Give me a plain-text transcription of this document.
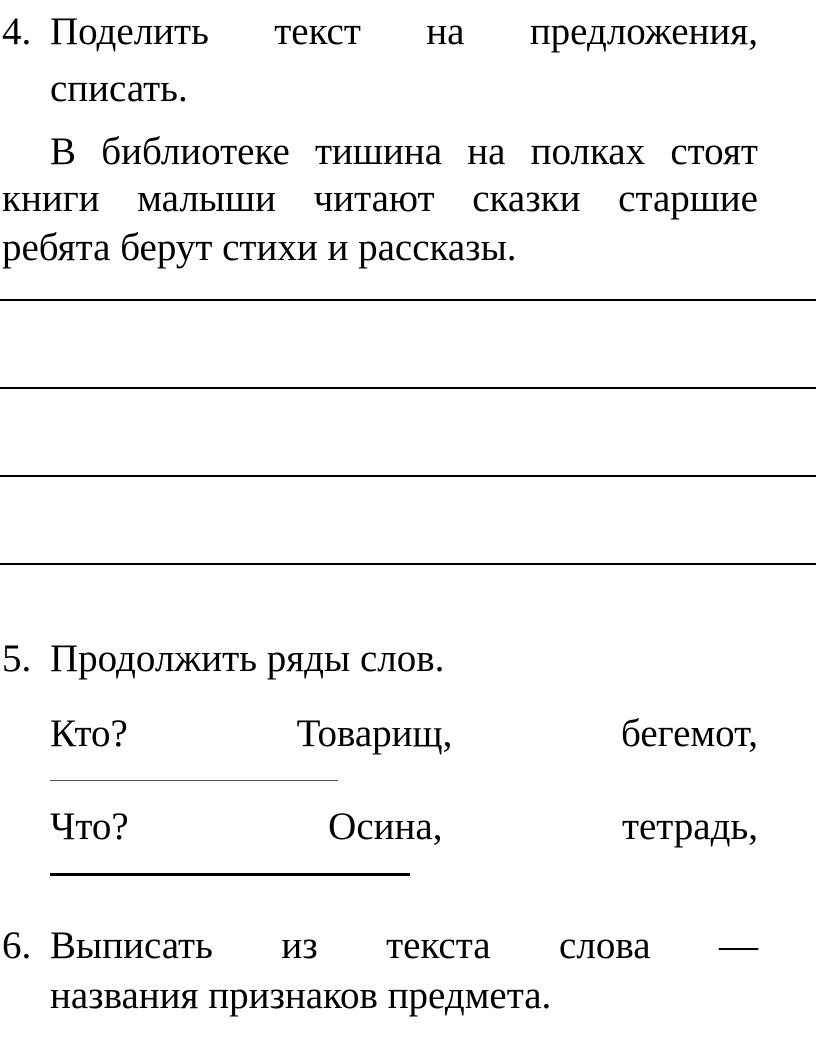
4. Поделить текст на предложения,
списать.
В библиотеке тишина на полках стоят
книги малыши читают сказки старшие
ребята берут стихи и рассказы.
5. Продолжить ряды слов.
Кто?	Товарищ,	бегемот,
Что?	Осина,	тетрадь,
6. Выписать из текста слова —
названия признаков предмета.
